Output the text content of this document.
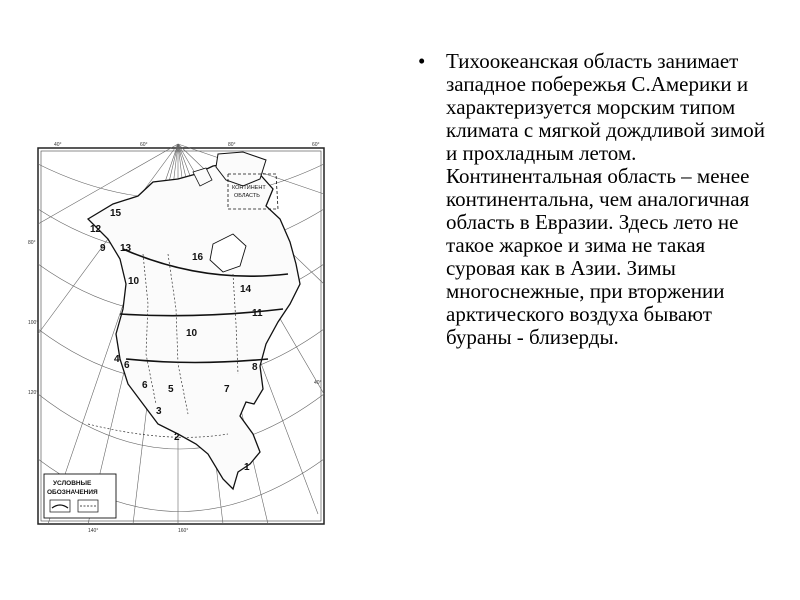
КОНТИНЕНТ
ОБЛАСТЬ
15
12
9 13
10
16
14
11
10
4
6
6 5	7
8
3
2
1
40°	60°	80°	60°
80°
100°
120°
140°	160°
40°
УСЛОВНЫЕ
ОБОЗНАЧЕНИЯ
• Тихоокеанская область занимает западное побережья С.Америки и характеризуется морским типом климата с мягкой дождливой зимой и прохладным летом. Континентальная область – менее континентальна, чем аналогичная область в Евразии. Здесь лето не такое жаркое и зима не такая суровая как в Азии. Зимы многоснежные, при вторжении арктического воздуха бывают бураны - близерды.
